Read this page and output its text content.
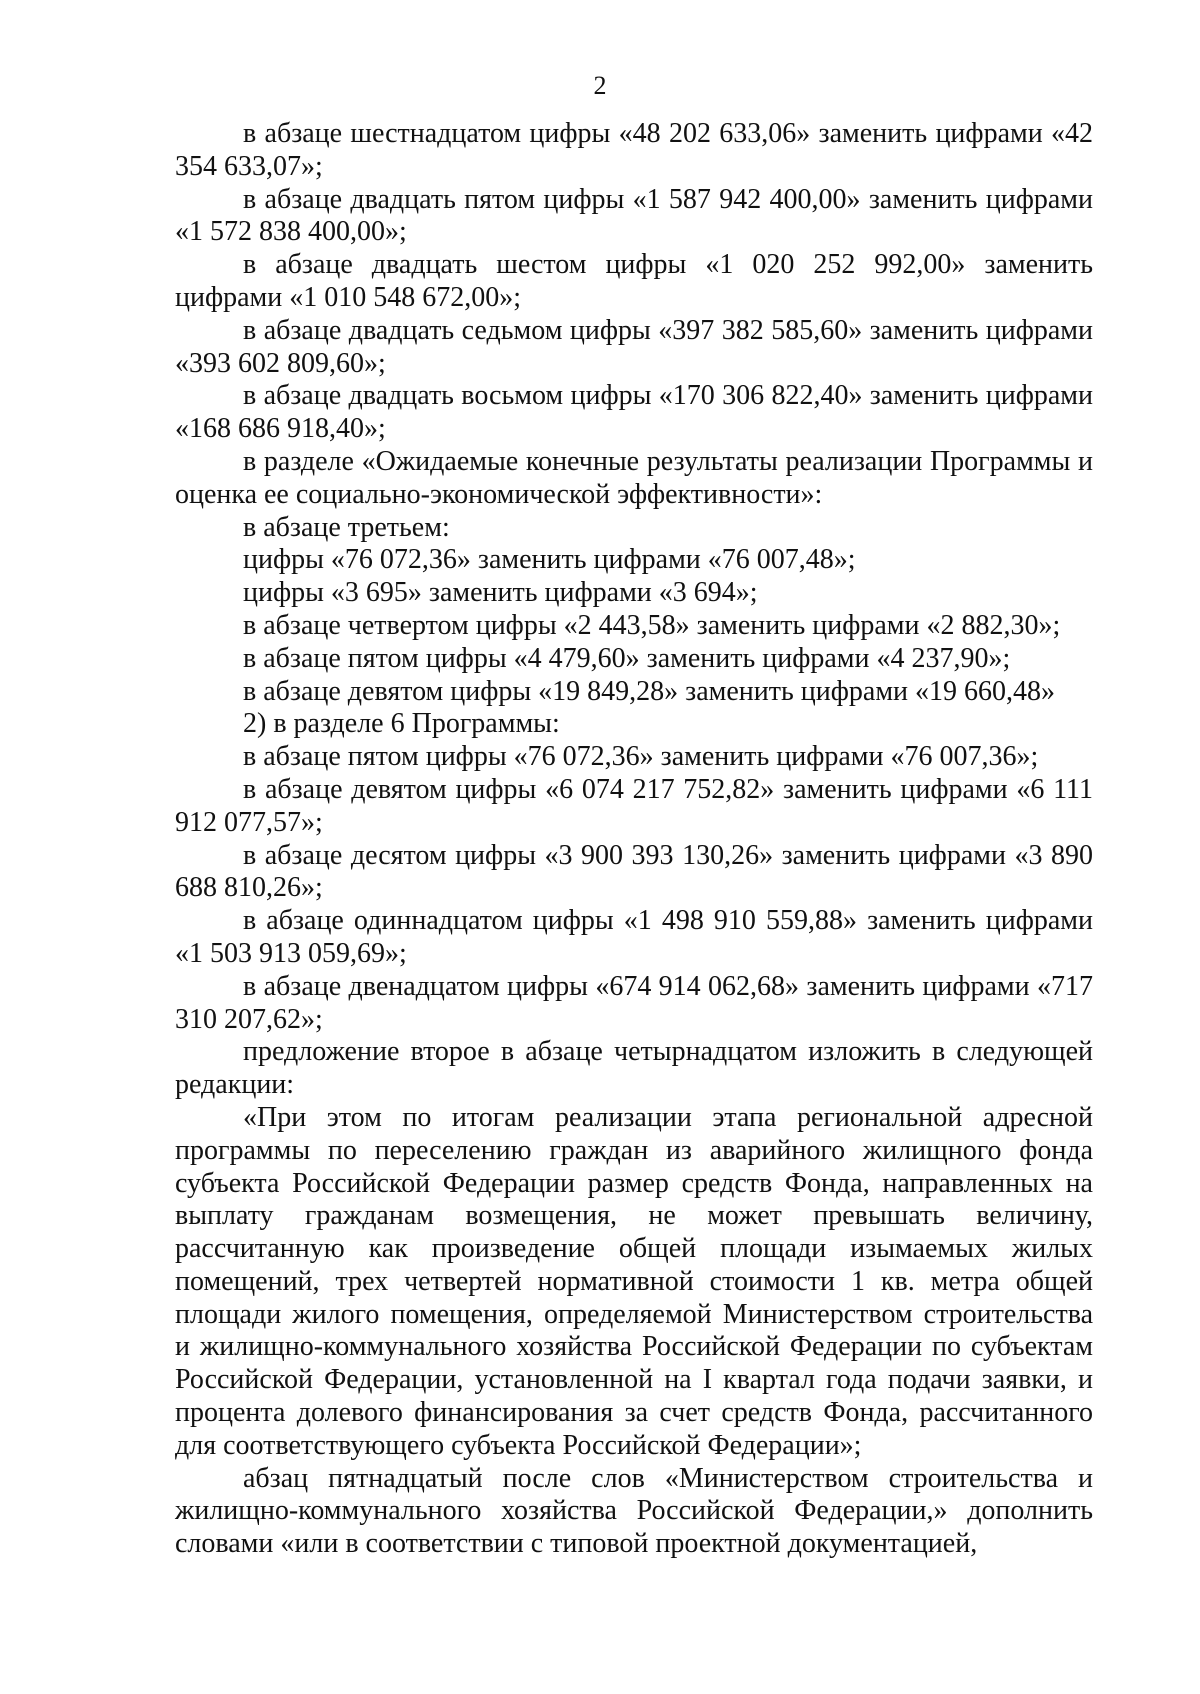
2

в абзаце шестнадцатом цифры «48 202 633,06» заменить цифрами «42 354 633,07»;

в абзаце двадцать пятом цифры «1 587 942 400,00» заменить цифрами «1 572 838 400,00»;

в абзаце двадцать шестом цифры «1 020 252 992,00» заменить цифрами «1 010 548 672,00»;

в абзаце двадцать седьмом цифры «397 382 585,60» заменить цифрами «393 602 809,60»;

в абзаце двадцать восьмом цифры «170 306 822,40» заменить цифрами «168 686 918,40»;

в разделе «Ожидаемые конечные результаты реализации Программы и оценка ее социально-экономической эффективности»:

в абзаце третьем:

цифры «76 072,36» заменить цифрами «76 007,48»;

цифры «3 695» заменить цифрами «3 694»;

в абзаце четвертом цифры «2 443,58» заменить цифрами «2 882,30»;

в абзаце пятом цифры «4 479,60» заменить цифрами «4 237,90»;

в абзаце девятом цифры «19 849,28» заменить цифрами «19 660,48»

2) в разделе 6 Программы:

в абзаце пятом цифры «76 072,36» заменить цифрами «76 007,36»;

в абзаце девятом цифры «6 074 217 752,82» заменить цифрами «6 111 912 077,57»;

в абзаце десятом цифры «3 900 393 130,26» заменить цифрами «3 890 688 810,26»;

в абзаце одиннадцатом цифры «1 498 910 559,88» заменить цифрами «1 503 913 059,69»;

в абзаце двенадцатом цифры «674 914 062,68» заменить цифрами «717 310 207,62»;

предложение второе в абзаце четырнадцатом изложить в следующей редакции:

«При этом по итогам реализации этапа региональной адресной программы по переселению граждан из аварийного жилищного фонда субъекта Российской Федерации размер средств Фонда, направленных на выплату гражданам возмещения, не может превышать величину, рассчитанную как произведение общей площади изымаемых жилых помещений, трех четвертей нормативной стоимости 1 кв. метра общей площади жилого помещения, определяемой Министерством строительства и жилищно-коммунального хозяйства Российской Федерации по субъектам Российской Федерации, установленной на I квартал года подачи заявки, и процента долевого финансирования за счет средств Фонда, рассчитанного для соответствующего субъекта Российской Федерации»;

абзац пятнадцатый после слов «Министерством строительства и жилищно-коммунального хозяйства Российской Федерации,» дополнить словами «или в соответствии с типовой проектной документацией,
